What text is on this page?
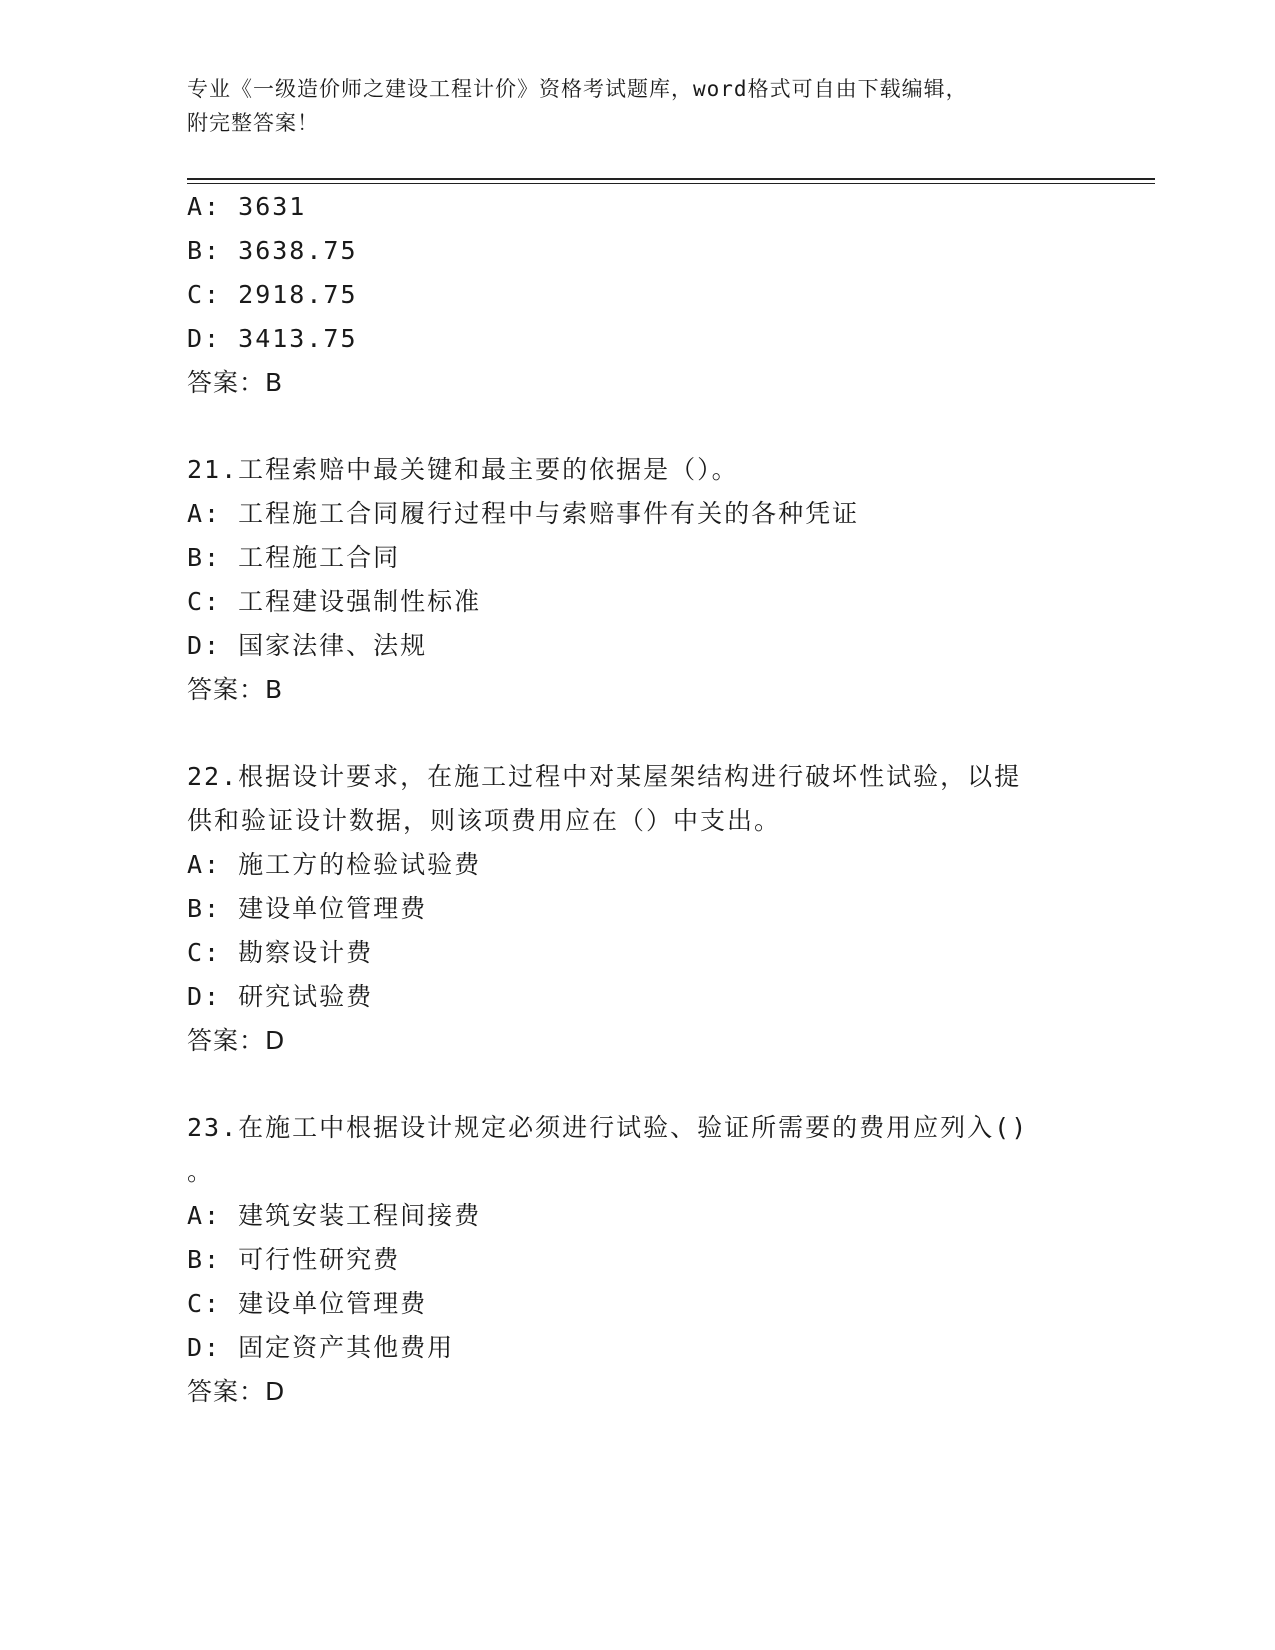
专业《一级造价师之建设工程计价》资格考试题库，word格式可自由下载编辑，
附完整答案！
A: 3631
B: 3638.75
C: 2918.75
D: 3413.75
答案：B
21.工程索赔中最关键和最主要的依据是（）。
A: 工程施工合同履行过程中与索赔事件有关的各种凭证
B: 工程施工合同
C: 工程建设强制性标准
D: 国家法律、法规
答案：B
22.根据设计要求，在施工过程中对某屋架结构进行破坏性试验，以提
供和验证设计数据，则该项费用应在（）中支出。
A: 施工方的检验试验费
B: 建设单位管理费
C: 勘察设计费
D: 研究试验费
答案：D
23.在施工中根据设计规定必须进行试验、验证所需要的费用应列入()
。
A: 建筑安装工程间接费
B: 可行性研究费
C: 建设单位管理费
D: 固定资产其他费用
答案：D
